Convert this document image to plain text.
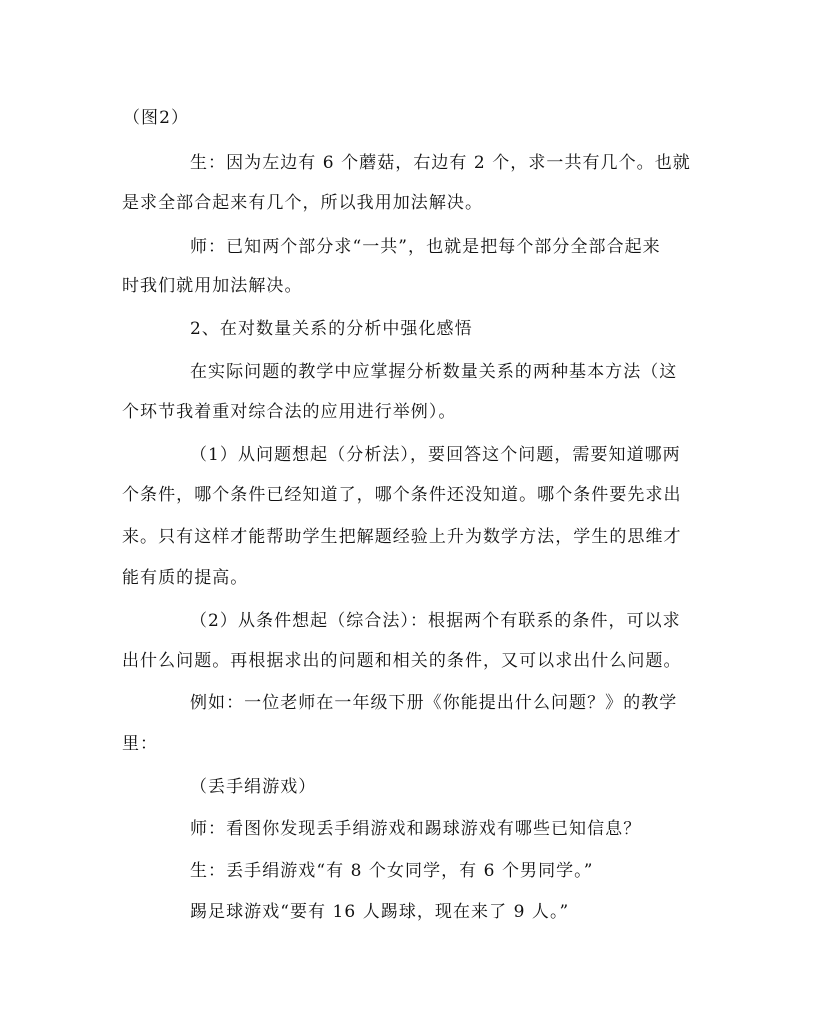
（图2）
生：因为左边有 6 个蘑菇，右边有 2 个，求一共有几个。也就
是求全部合起来有几个，所以我用加法解决。
师：已知两个部分求“一共”，也就是把每个部分全部合起来
时我们就用加法解决。
2、在对数量关系的分析中强化感悟
在实际问题的教学中应掌握分析数量关系的两种基本方法（这
个环节我着重对综合法的应用进行举例）。
（1）从问题想起（分析法），要回答这个问题，需要知道哪两
个条件，哪个条件已经知道了，哪个条件还没知道。哪个条件要先求出
来。只有这样才能帮助学生把解题经验上升为数学方法，学生的思维才
能有质的提高。
（2）从条件想起（综合法）：根据两个有联系的条件，可以求
出什么问题。再根据求出的问题和相关的条件，又可以求出什么问题。
例如：一位老师在一年级下册《你能提出什么问题？》的教学
里：
（丢手绢游戏）
师：看图你发现丢手绢游戏和踢球游戏有哪些已知信息？
生：丢手绢游戏“有 8 个女同学，有 6 个男同学。”
踢足球游戏“要有 16 人踢球，现在来了 9 人。”
